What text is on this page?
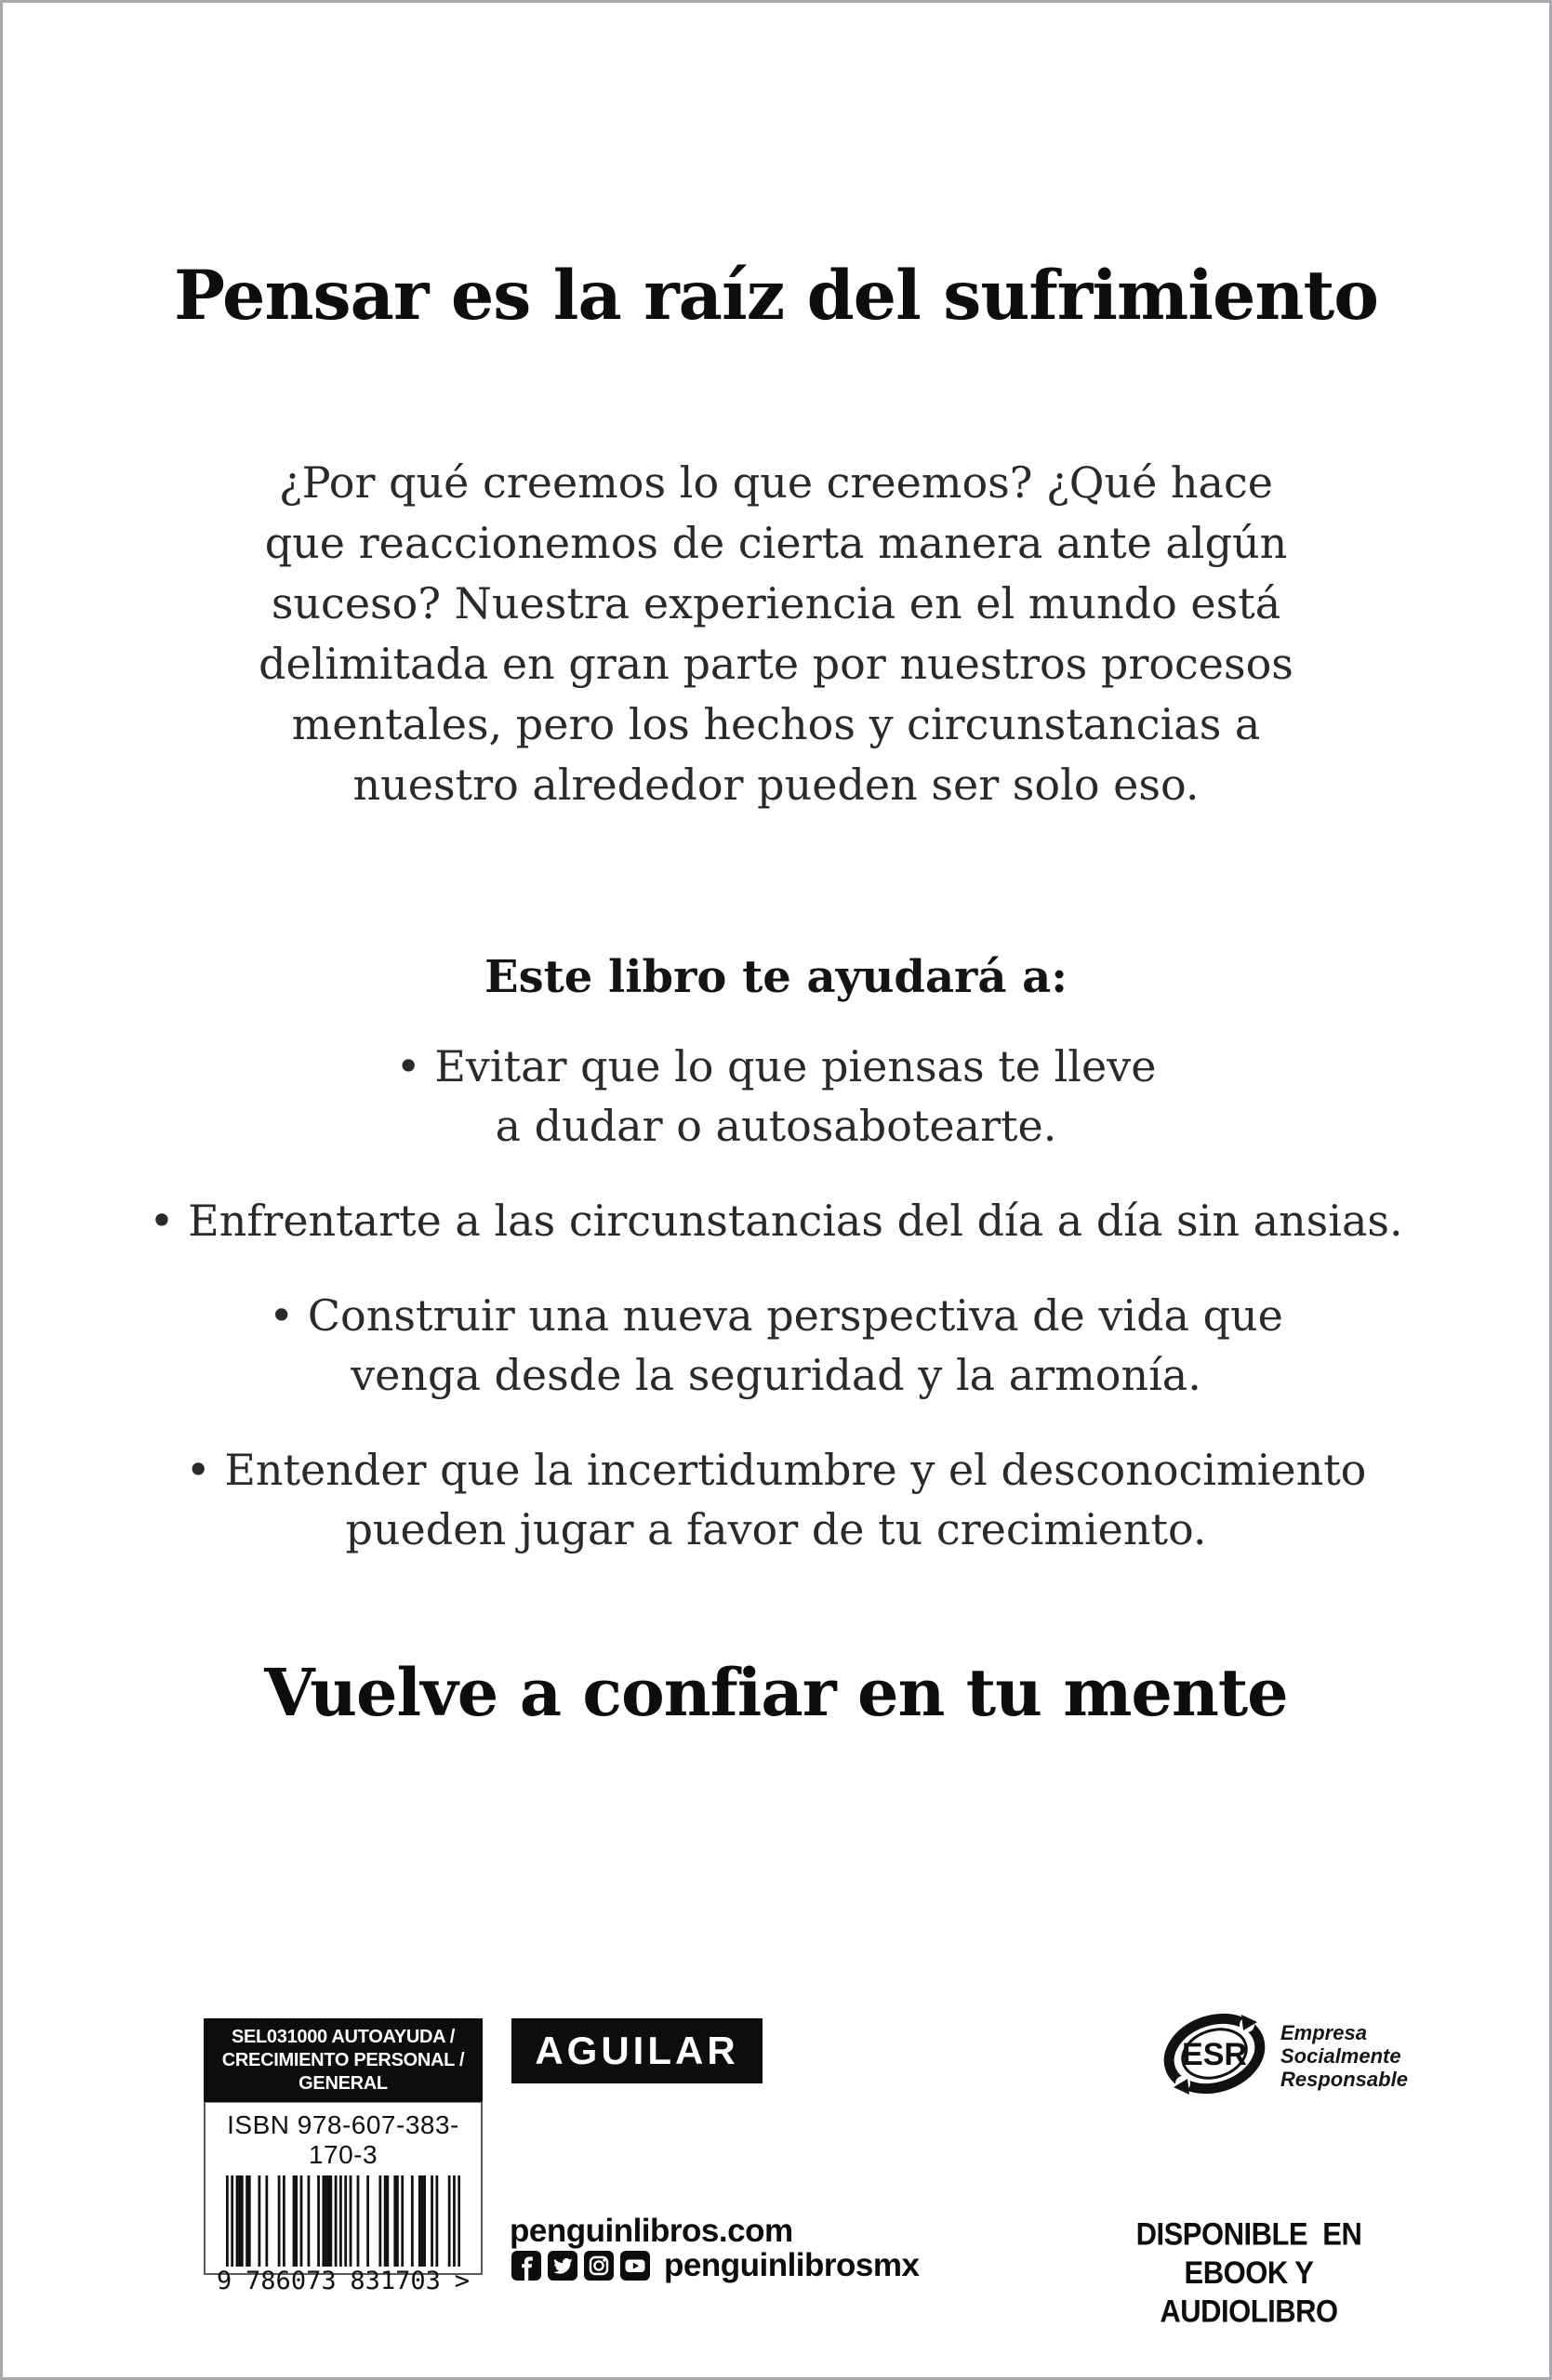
Pensar es la raíz del sufrimiento
¿Por qué creemos lo que creemos? ¿Qué hace
que reaccionemos de cierta manera ante algún
suceso? Nuestra experiencia en el mundo está
delimitada en gran parte por nuestros procesos
mentales, pero los hechos y circunstancias a
nuestro alrededor pueden ser solo eso.
Este libro te ayudará a:
• Evitar que lo que piensas te lleve
a dudar o autosabotearte.
• Enfrentarte a las circunstancias del día a día sin ansias.
• Construir una nueva perspectiva de vida que
venga desde la seguridad y la armonía.
• Entender que la incertidumbre y el desconocimiento
pueden jugar a favor de tu crecimiento.
Vuelve a confiar en tu mente
SEL031000 AUTOAYUDA /
CRECIMIENTO PERSONAL / GENERAL
ISBN 978-607-383-170-3
9 786073 831703 >
AGUILAR	ESR
Empresa
Socialmente
Responsable
penguinlibros.com
penguinlibrosmx
DISPONIBLE  EN
EBOOK Y AUDIOLIBRO
